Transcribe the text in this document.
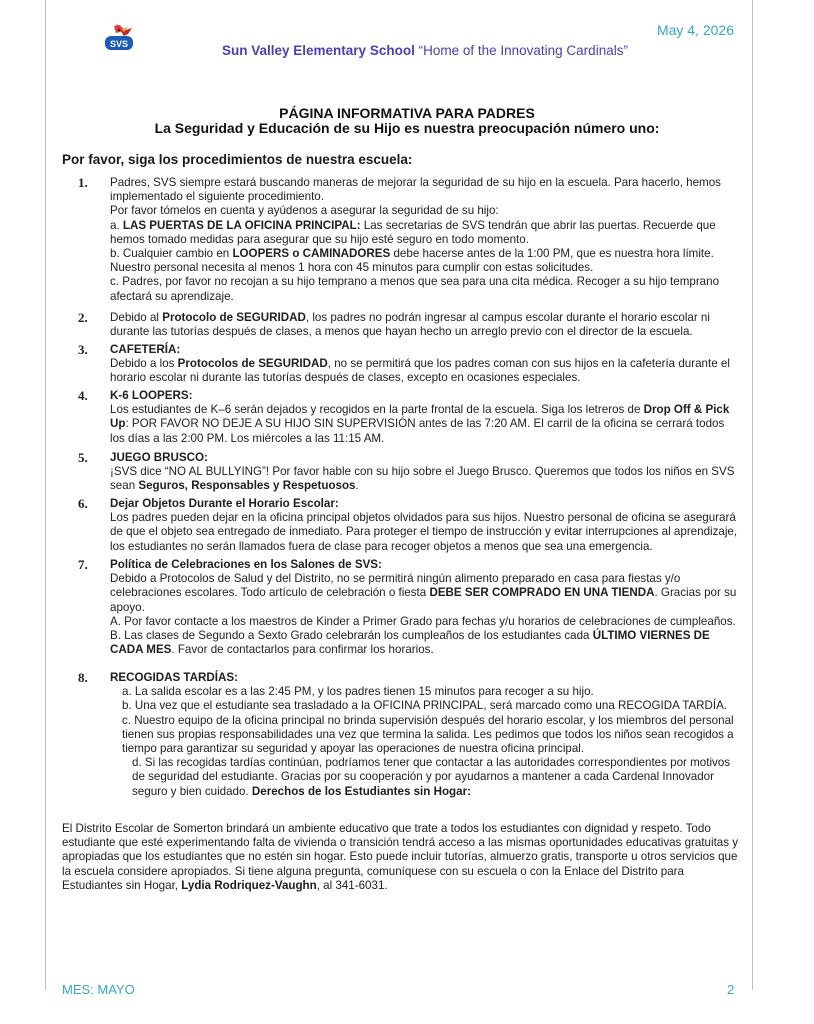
May 4, 2026
SVS	Sun Valley Elementary School “Home of the Innovating Cardinals”
PÁGINA INFORMATIVA PARA PADRES
La Seguridad y Educación de su Hijo es nuestra preocupación número uno:
Por favor, siga los procedimientos de nuestra escuela:
1. Padres, SVS siempre estará buscando maneras de mejorar la seguridad de su hijo en la escuela. Para hacerlo, hemos implementado el siguiente procedimiento.

Por favor tómelos en cuenta y ayúdenos a asegurar la seguridad de su hijo:

a. LAS PUERTAS DE LA OFICINA PRINCIPAL: Las secretarias de SVS tendrán que abrir las puertas. Recuerde que hemos tomado medidas para asegurar que su hijo esté seguro en todo momento.

b. Cualquier cambio en LOOPERS o CAMINADORES debe hacerse antes de la 1:00 PM, que es nuestra hora límite. Nuestro personal necesita al menos 1 hora con 45 minutos para cumplir con estas solicitudes.

c. Padres, por favor no recojan a su hijo temprano a menos que sea para una cita médica. Recoger a su hijo temprano afectará su aprendizaje.

2. Debido al Protocolo de SEGURIDAD, los padres no podrán ingresar al campus escolar durante el horario escolar ni durante las tutorías después de clases, a menos que hayan hecho un arreglo previo con el director de la escuela.

3. CAFETERÍA:

Debido a los Protocolos de SEGURIDAD, no se permitirá que los padres coman con sus hijos en la cafetería durante el horario escolar ni durante las tutorías después de clases, excepto en ocasiones especiales.

4. K-6 LOOPERS:

Los estudiantes de K–6 serán dejados y recogidos en la parte frontal de la escuela. Siga los letreros de Drop Off & Pick Up: POR FAVOR NO DEJE A SU HIJO SIN SUPERVISIÓN antes de las 7:20 AM. El carril de la oficina se cerrará todos los días a las 2:00 PM. Los miércoles a las 11:15 AM.

5. JUEGO BRUSCO:

¡SVS dice “NO AL BULLYING”! Por favor hable con su hijo sobre el Juego Brusco. Queremos que todos los niños en SVS sean Seguros, Responsables y Respetuosos.

6. Dejar Objetos Durante el Horario Escolar:

Los padres pueden dejar en la oficina principal objetos olvidados para sus hijos. Nuestro personal de oficina se asegurará de que el objeto sea entregado de inmediato. Para proteger el tiempo de instrucción y evitar interrupciones al aprendizaje, los estudiantes no serán llamados fuera de clase para recoger objetos a menos que sea una emergencia.

7. Política de Celebraciones en los Salones de SVS:

Debido a Protocolos de Salud y del Distrito, no se permitirá ningún alimento preparado en casa para fiestas y/o celebraciones escolares. Todo artículo de celebración o fiesta DEBE SER COMPRADO EN UNA TIENDA. Gracias por su apoyo.

A. Por favor contacte a los maestros de Kinder a Primer Grado para fechas y/u horarios de celebraciones de cumpleaños.

B. Las clases de Segundo a Sexto Grado celebrarán los cumpleaños de los estudiantes cada ÚLTIMO VIERNES DE CADA MES. Favor de contactarlos para confirmar los horarios.

8. RECOGIDAS TARDÍAS:

a. La salida escolar es a las 2:45 PM, y los padres tienen 15 minutos para recoger a su hijo.

b. Una vez que el estudiante sea trasladado a la OFICINA PRINCIPAL, será marcado como una RECOGIDA TARDÍA.

c. Nuestro equipo de la oficina principal no brinda supervisión después del horario escolar, y los miembros del personal tienen sus propias responsabilidades una vez que termina la salida. Les pedimos que todos los niños sean recogidos a tiempo para garantizar su seguridad y apoyar las operaciones de nuestra oficina principal.

d. Si las recogidas tardías continúan, podríamos tener que contactar a las autoridades correspondientes por motivos de seguridad del estudiante. Gracias por su cooperación y por ayudarnos a mantener a cada Cardenal Innovador seguro y bien cuidado. Derechos de los Estudiantes sin Hogar:

El Distrito Escolar de Somerton brindará un ambiente educativo que trate a todos los estudiantes con dignidad y respeto. Todo estudiante que esté experimentando falta de vivienda o transición tendrá acceso a las mismas oportunidades educativas gratuitas y apropiadas que los estudiantes que no estén sin hogar. Esto puede incluir tutorías, almuerzo gratis, transporte u otros servicios que la escuela considere apropiados. Si tiene alguna pregunta, comuníquese con su escuela o con la Enlace del Distrito para Estudiantes sin Hogar, Lydia Rodriquez-Vaughn, al 341-6031.
MES: MAYO	2
